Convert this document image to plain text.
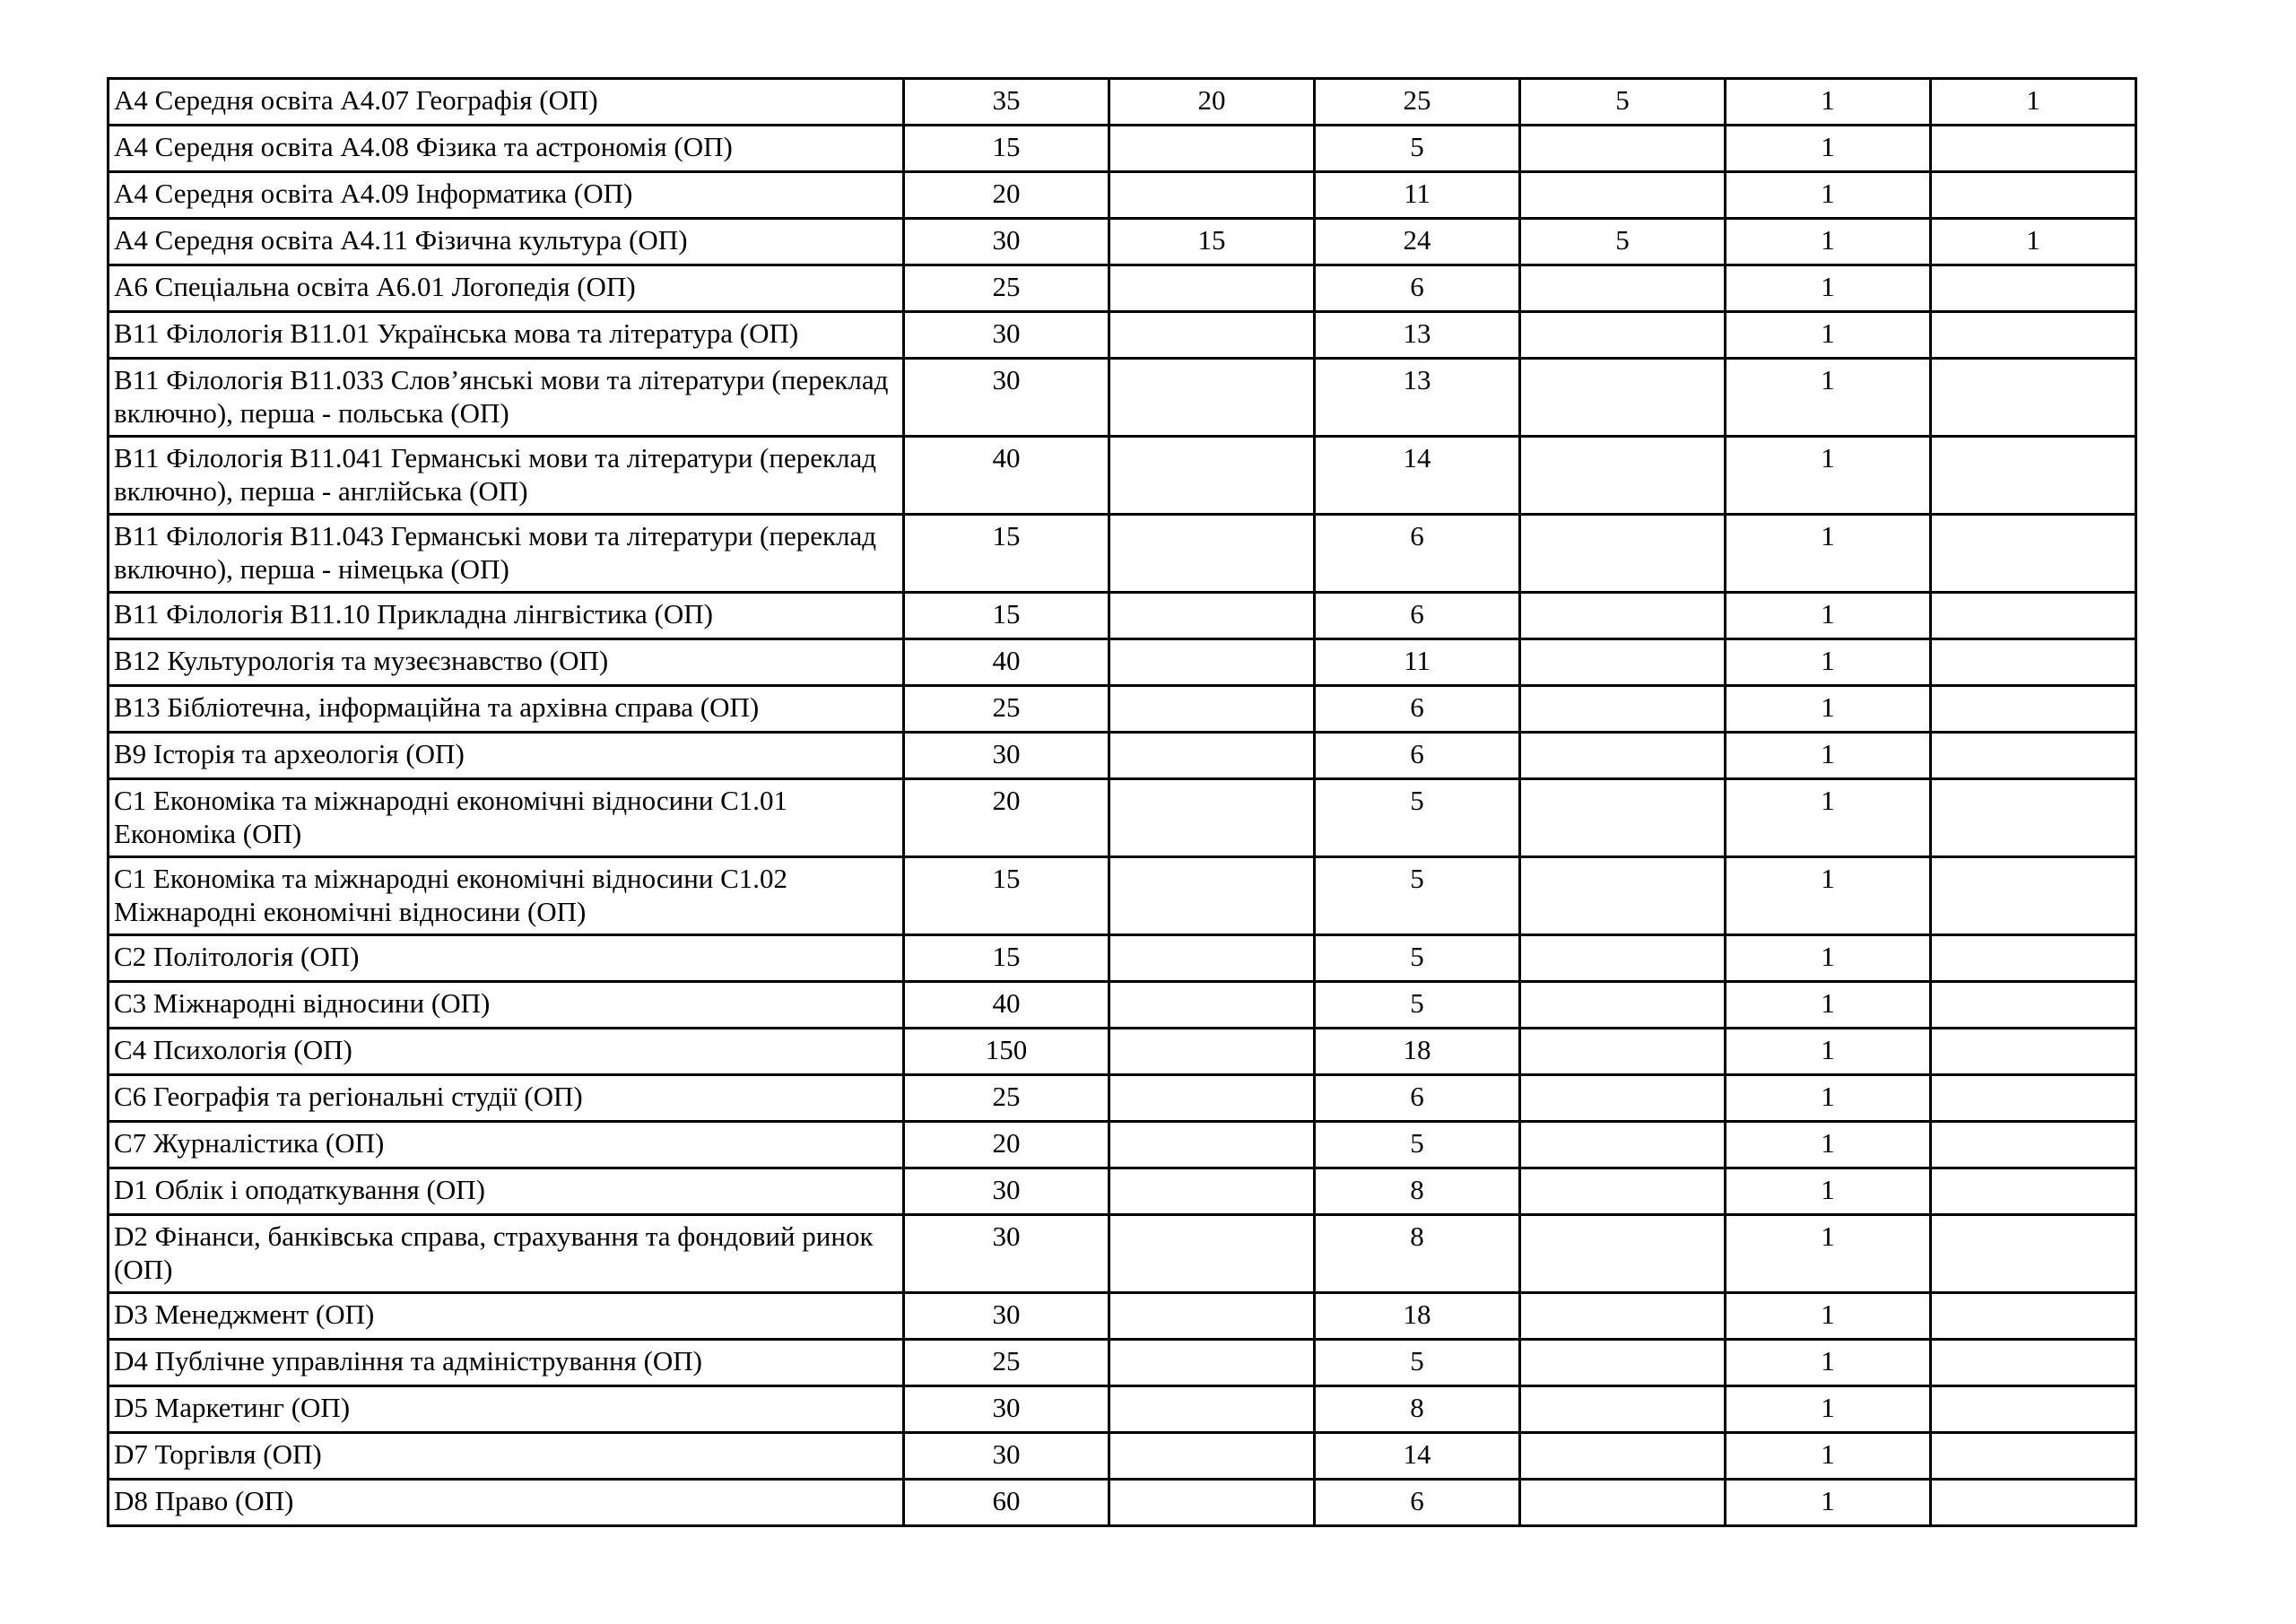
А4 Середня освіта А4.07 Географія (ОП)	35	20	25	5	1	1
А4 Середня освіта А4.08 Фізика та астрономія (ОП)	15		5		1	
А4 Середня освіта А4.09 Інформатика (ОП)	20		11		1	
А4 Середня освіта А4.11 Фізична культура (ОП)	30	15	24	5	1	1
А6 Спеціальна освіта А6.01 Логопедія (ОП)	25		6		1	
В11 Філологія В11.01 Українська мова та література (ОП)	30		13		1	
В11 Філологія В11.033 Слов’янські мови та літератури (переклад включно), перша - польська (ОП)	30		13		1	
В11 Філологія В11.041 Германські мови та літератури (переклад включно), перша - англійська (ОП)	40		14		1	
В11 Філологія В11.043 Германські мови та літератури (переклад включно), перша - німецька (ОП)	15		6		1	
В11 Філологія В11.10 Прикладна лінгвістика (ОП)	15		6		1	
В12 Культурологія та музеєзнавство (ОП)	40		11		1	
В13 Бібліотечна, інформаційна та архівна справа (ОП)	25		6		1	
В9 Історія та археологія (ОП)	30		6		1	
С1 Економіка та міжнародні економічні відносини С1.01 Економіка (ОП)	20		5		1	
С1 Економіка та міжнародні економічні відносини С1.02 Міжнародні економічні відносини (ОП)	15		5		1	
С2 Політологія (ОП)	15		5		1	
С3 Міжнародні відносини (ОП)	40		5		1	
С4 Психологія (ОП)	150		18		1	
С6 Географія та регіональні студії (ОП)	25		6		1	
С7 Журналістика (ОП)	20		5		1	
D1 Облік і оподаткування (ОП)	30		8		1	
D2 Фінанси, банківська справа, страхування та фондовий ринок (ОП)	30		8		1	
D3 Менеджмент (ОП)	30		18		1	
D4 Публічне управління та адміністрування (ОП)	25		5		1	
D5 Маркетинг (ОП)	30		8		1	
D7 Торгівля (ОП)	30		14		1	
D8 Право (ОП)	60		6		1	
